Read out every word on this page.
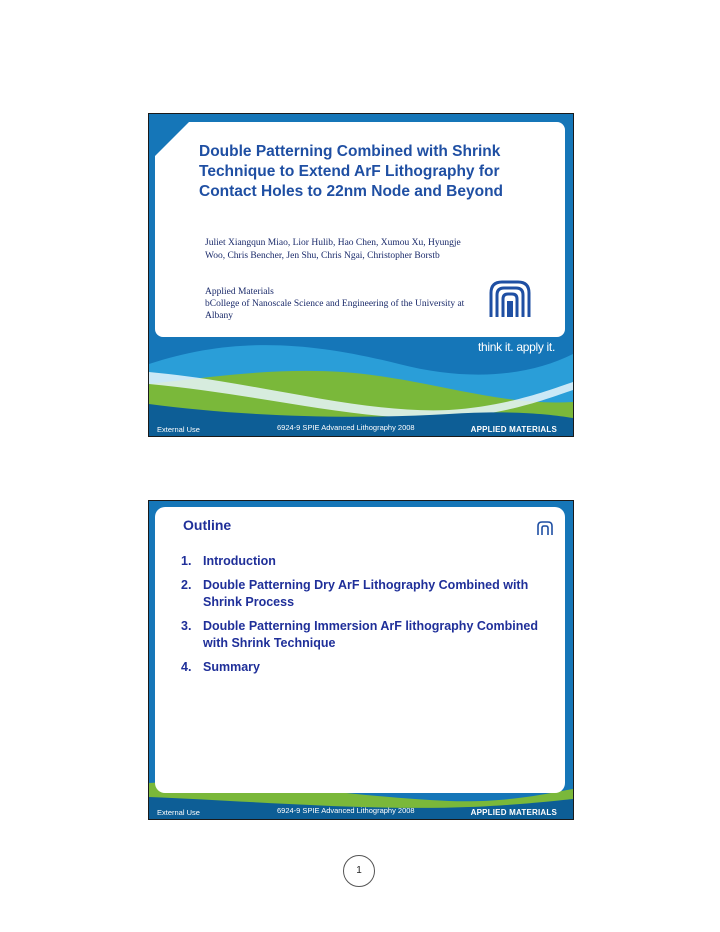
Double Patterning Combined with Shrink Technique to Extend ArF Lithography for Contact Holes to 22nm Node and Beyond
Juliet Xiangqun Miao, Lior Hulib, Hao Chen, Xumou Xu, Hyungje Woo, Chris Bencher, Jen Shu, Chris Ngai, Christopher Borstb
Applied Materials
bCollege of Nanoscale Science and Engineering of the University at Albany
think it. apply it.
External Use	6924-9 SPIE Advanced Lithography 2008	APPLIED MATERIALS
Outline
1. Introduction
2. Double Patterning Dry ArF Lithography Combined with Shrink Process
3. Double Patterning Immersion ArF lithography Combined with Shrink Technique
4. Summary
External Use	6924-9 SPIE Advanced Lithography 2008	APPLIED MATERIALS
1
